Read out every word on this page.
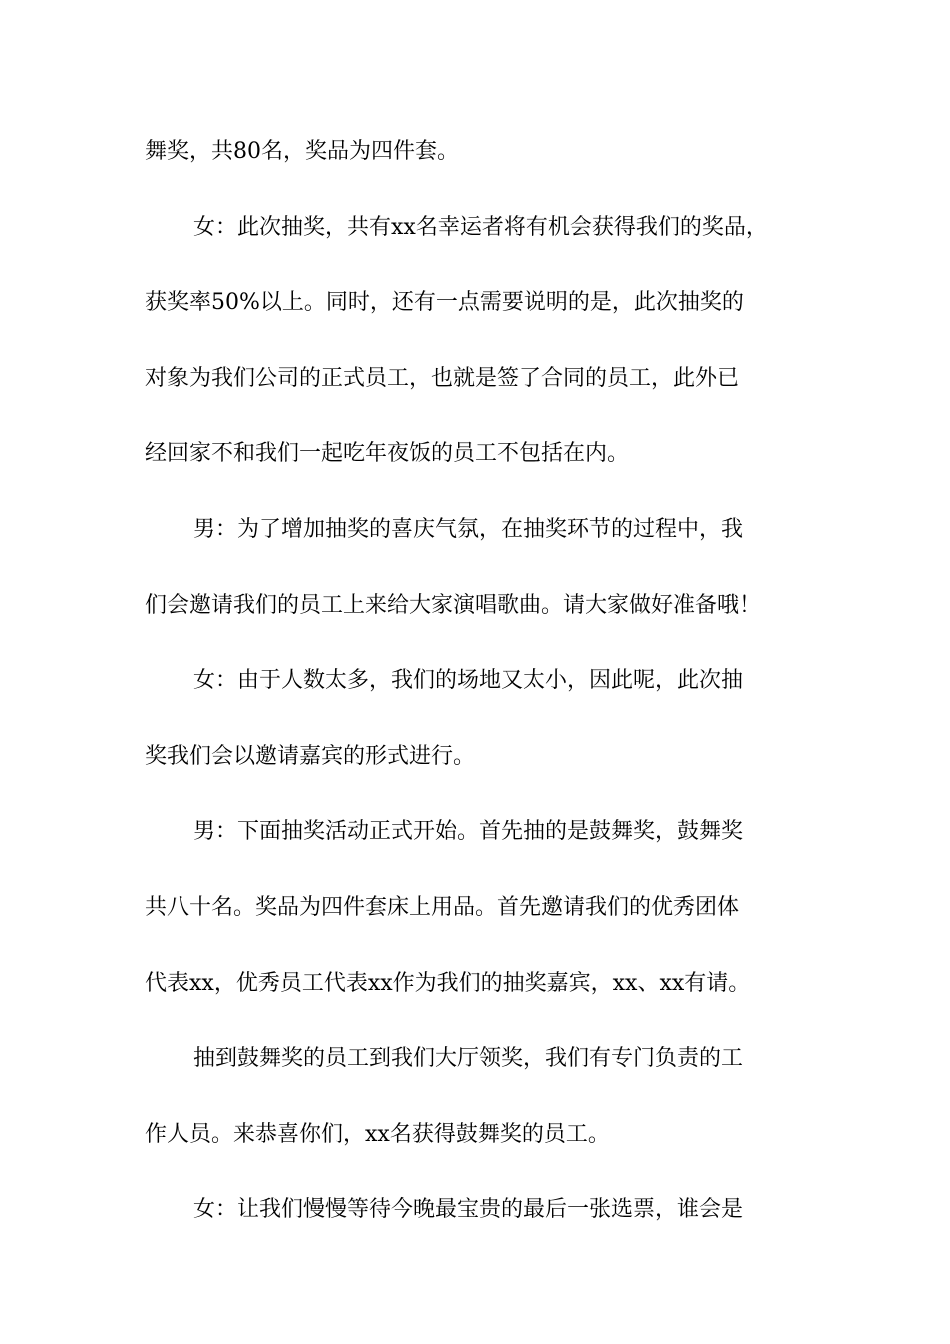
舞奖，共80名，奖品为四件套。
女：此次抽奖，共有xx名幸运者将有机会获得我们的奖品，
获奖率50%以上。同时，还有一点需要说明的是，此次抽奖的
对象为我们公司的正式员工，也就是签了合同的员工，此外已
经回家不和我们一起吃年夜饭的员工不包括在内。
男：为了增加抽奖的喜庆气氛，在抽奖环节的过程中，我
们会邀请我们的员工上来给大家演唱歌曲。请大家做好准备哦！
女：由于人数太多，我们的场地又太小，因此呢，此次抽
奖我们会以邀请嘉宾的形式进行。
男：下面抽奖活动正式开始。首先抽的是鼓舞奖，鼓舞奖
共八十名。奖品为四件套床上用品。首先邀请我们的优秀团体
代表xx，优秀员工代表xx作为我们的抽奖嘉宾，xx、xx有请。
抽到鼓舞奖的员工到我们大厅领奖，我们有专门负责的工
作人员。来恭喜你们，xx名获得鼓舞奖的员工。
女：让我们慢慢等待今晚最宝贵的最后一张选票，谁会是
